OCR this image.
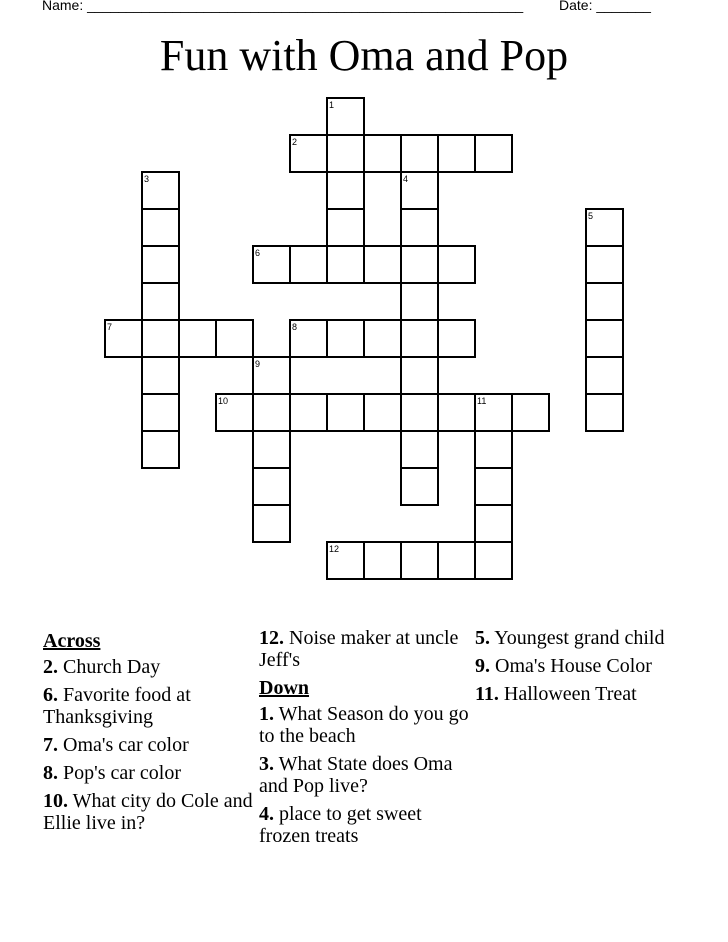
Name: ________________________________________________________	Date: _______
Fun with Oma and Pop
1
2
3	4
5
6
7	8
9
10	11
12
Across
2. Church Day
6. Favorite food at Thanksgiving
7. Oma's car color
8. Pop's car color
10. What city do Cole and Ellie live in?
12. Noise maker at uncle Jeff's
Down
1. What Season do you go to the beach
3. What State does Oma and Pop live?
4. place to get sweet frozen treats
5. Youngest grand child
9. Oma's House Color
11. Halloween Treat
